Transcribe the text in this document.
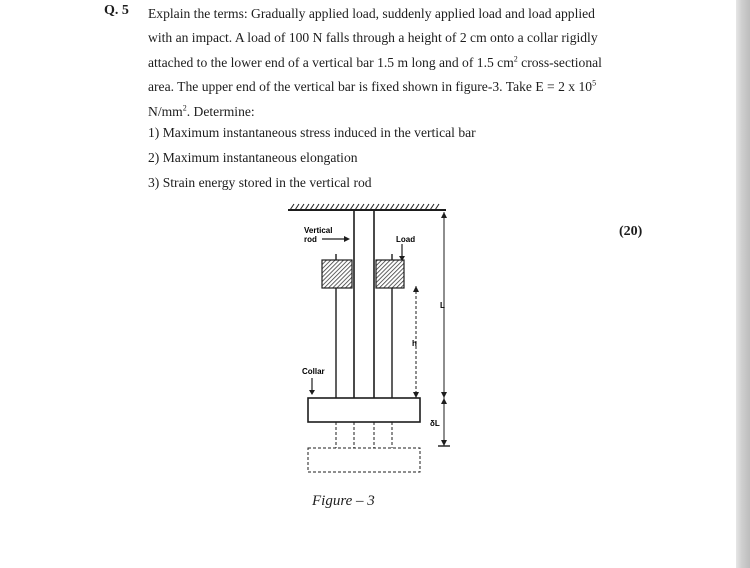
Q. 5 Explain the terms: Gradually applied load, suddenly applied load and load applied

with an impact. A load of 100 N falls through a height of 2 cm onto a collar rigidly

attached to the lower end of a vertical bar 1.5 m long and of 1.5 $cm^2$ cross-sectional

area. The upper end of the vertical bar is fixed shown in figure-3. Take E = 2 x $10^5$

$N/mm^2$. Determine:

1) Maximum instantaneous stress induced in the vertical bar
2) Maximum instantaneous elongation
3) Strain energy stored in the vertical rod
(20)
Vertical
rod	Load
h
L
δL
Collar
Figure – 3
